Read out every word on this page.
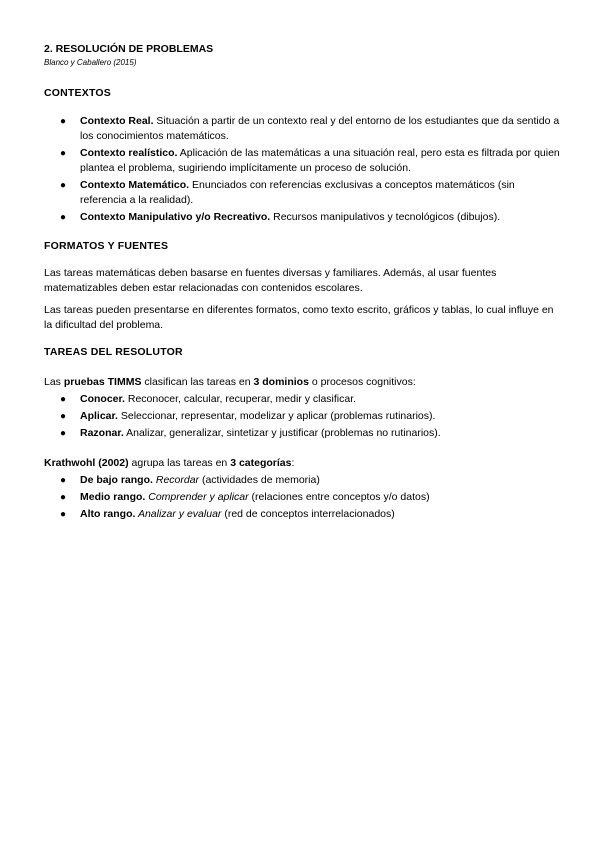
2. RESOLUCIÓN DE PROBLEMAS

Blanco y Caballero (2015)

CONTEXTOS

● Contexto Real. Situación a partir de un contexto real y del entorno de los estudiantes que da sentido a los conocimientos matemáticos.
● Contexto realístico. Aplicación de las matemáticas a una situación real, pero esta es filtrada por quien plantea el problema, sugiriendo implícitamente un proceso de solución.
● Contexto Matemático. Enunciados con referencias exclusivas a conceptos matemáticos (sin referencia a la realidad).
● Contexto Manipulativo y/o Recreativo. Recursos manipulativos y tecnológicos (dibujos).

FORMATOS Y FUENTES

Las tareas matemáticas deben basarse en fuentes diversas y familiares. Además, al usar fuentes matematizables deben estar relacionadas con contenidos escolares.

Las tareas pueden presentarse en diferentes formatos, como texto escrito, gráficos y tablas, lo cual influye en la dificultad del problema.

TAREAS DEL RESOLUTOR

Las pruebas TIMMS clasifican las tareas en 3 dominios o procesos cognitivos:

● Conocer. Reconocer, calcular, recuperar, medir y clasificar.
● Aplicar. Seleccionar, representar, modelizar y aplicar (problemas rutinarios).
● Razonar. Analizar, generalizar, sintetizar y justificar (problemas no rutinarios).

Krathwohl (2002) agrupa las tareas en 3 categorías:

● De bajo rango. Recordar (actividades de memoria)
● Medio rango. Comprender y aplicar (relaciones entre conceptos y/o datos)
● Alto rango. Analizar y evaluar (red de conceptos interrelacionados)
